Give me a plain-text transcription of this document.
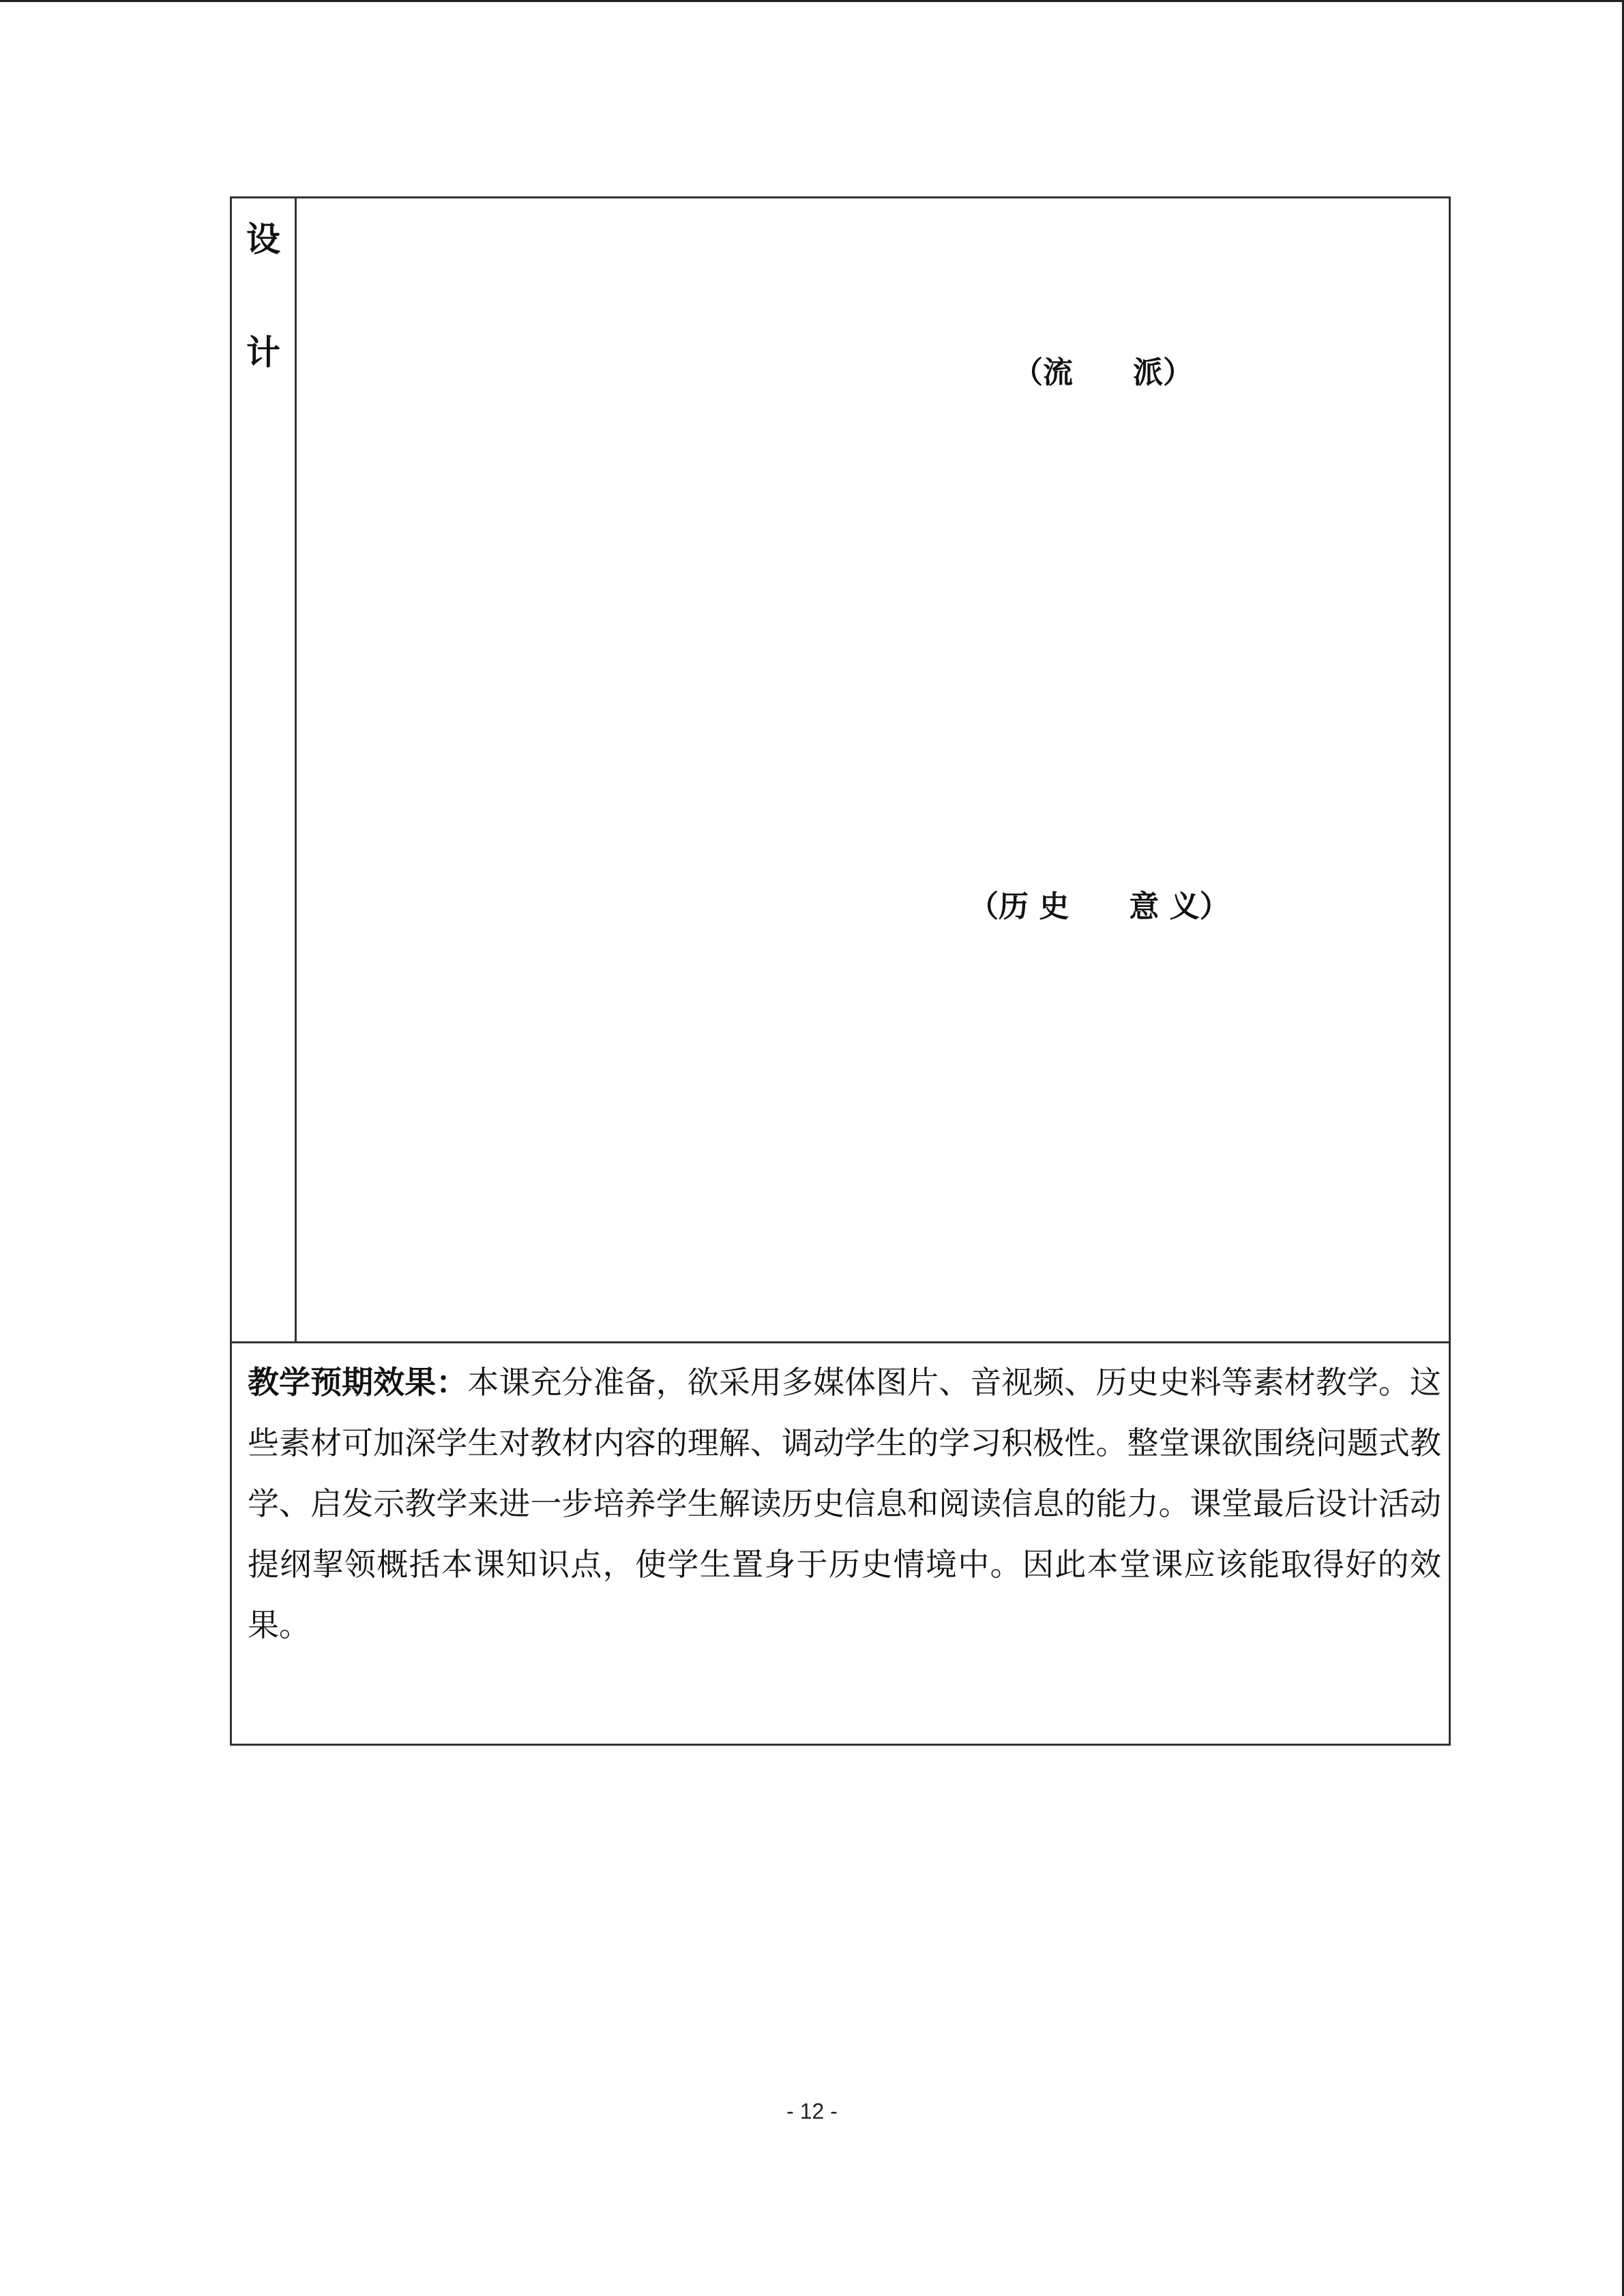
设
计
（流　　派）
（历 史　　意 义）
教学预期效果：本课充分准备，欲采用多媒体图片、音视频、历史史料等素材教学。这些素材可加深学生对教材内容的理解、调动学生的学习积极性。整堂课欲围绕问题式教学、启发示教学来进一步培养学生解读历史信息和阅读信息的能力。课堂最后设计活动提纲挈领概括本课知识点，使学生置身于历史情境中。因此本堂课应该能取得好的效果。
- 12 -
